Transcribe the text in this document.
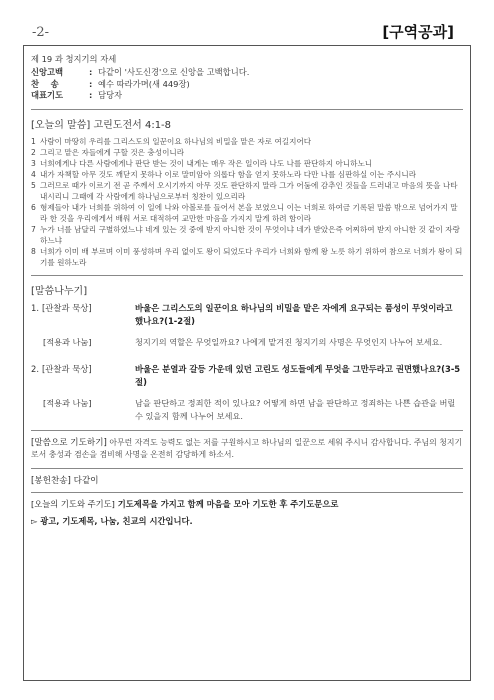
-2-	[구역공과]
제 19 과 청지기의 자세
신앙고백	: 다같이 '사도신경'으로 신앙을 고백합니다.
찬    송	: 예수 따라가며(새 449장)
대표기도	: 담당자
[오늘의 말씀] 고린도전서 4:1-8
1 사람이 마땅히 우리를 그리스도의 일꾼이요 하나님의 비밀을 맡은 자로 여길지어다
2 그리고 맡은 자들에게 구할 것은 충성이니라
3 너희에게나 다른 사람에게나 판단 받는 것이 내게는 매우 작은 일이라 나도 나를 판단하지 아니하노니
4 내가 자책할 아무 것도 깨닫지 못하나 이로 말미암아 의롭다 함을 얻지 못하노라 다만 나를 심판하실 이는 주시니라
5 그러므로 때가 이르기 전 곧 주께서 오시기까지 아무 것도 판단하지 말라 그가 어둠에 감추인 것들을 드러내고 마음의 뜻을 나타내시리니 그때에 각 사람에게 하나님으로부터 칭찬이 있으리라
6 형제들아 내가 너희를 위하여 이 일에 나와 아볼로를 들어서 본을 보였으니 이는 너희로 하여금 기록된 말씀 밖으로 넘어가지 말라 한 것을 우리에게서 배워 서로 대적하여 교만한 마음을 가지지 말게 하려 함이라
7 누가 너를 남달리 구별하였느냐 네게 있는 것 중에 받지 아니한 것이 무엇이냐 네가 받았은즉 어찌하여 받지 아니한 것 같이 자랑하느냐
8 너희가 이미 배 부르며 이미 풍성하며 우리 없이도 왕이 되었도다 우리가 너희와 함께 왕 노릇 하기 위하여 참으로 너희가 왕이 되기를 원하노라
[말씀나누기]
1. [관찰과 묵상]	바울은 그리스도의 일꾼이요 하나님의 비밀을 맡은 자에게 요구되는 품성이 무엇이라고 했나요?(1-2절)
[적용과 나눔]	청지기의 역할은 무엇일까요? 나에게 맡겨진 청지기의 사명은 무엇인지 나누어 보세요.
2. [관찰과 묵상]	바울은 분열과 갈등 가운데 있던 고린도 성도들에게 무엇을 그만두라고 권면했나요?(3-5절)
[적용과 나눔]	남을 판단하고 정죄한 적이 있나요? 어떻게 하면 남을 판단하고 정죄하는 나쁜 습관을 버릴 수 있을지 함께 나누어 보세요.
[말씀으로 기도하기] 아무런 자격도 능력도 없는 저를 구원하시고 하나님의 일꾼으로 세워 주시니 감사합니다. 주님의 청지기로서 충성과 겸손을 겸비해 사명을 온전히 감당하게 하소서.
[봉헌찬송] 다같이
[오늘의 기도와 주기도] 기도제목을 가지고 함께 마음을 모아 기도한 후 주기도문으로
▻ 광고, 기도제목, 나눔, 친교의 시간입니다.
